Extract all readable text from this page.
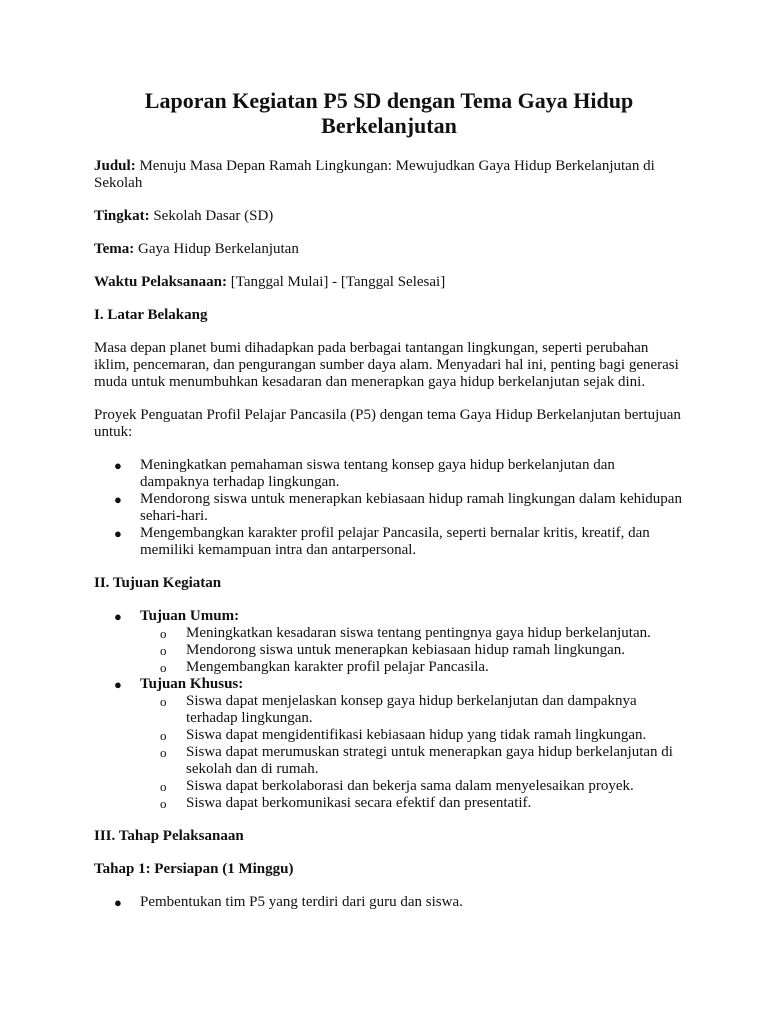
Laporan Kegiatan P5 SD dengan Tema Gaya Hidup Berkelanjutan
Judul: Menuju Masa Depan Ramah Lingkungan: Mewujudkan Gaya Hidup Berkelanjutan di Sekolah
Tingkat: Sekolah Dasar (SD)
Tema: Gaya Hidup Berkelanjutan
Waktu Pelaksanaan: [Tanggal Mulai] - [Tanggal Selesai]
I. Latar Belakang
Masa depan planet bumi dihadapkan pada berbagai tantangan lingkungan, seperti perubahan iklim, pencemaran, dan pengurangan sumber daya alam. Menyadari hal ini, penting bagi generasi muda untuk menumbuhkan kesadaran dan menerapkan gaya hidup berkelanjutan sejak dini.
Proyek Penguatan Profil Pelajar Pancasila (P5) dengan tema Gaya Hidup Berkelanjutan bertujuan untuk:
● Meningkatkan pemahaman siswa tentang konsep gaya hidup berkelanjutan dan dampaknya terhadap lingkungan.
● Mendorong siswa untuk menerapkan kebiasaan hidup ramah lingkungan dalam kehidupan sehari-hari.
● Mengembangkan karakter profil pelajar Pancasila, seperti bernalar kritis, kreatif, dan memiliki kemampuan intra dan antarpersonal.
II. Tujuan Kegiatan
● Tujuan Umum:
o Meningkatkan kesadaran siswa tentang pentingnya gaya hidup berkelanjutan.
o Mendorong siswa untuk menerapkan kebiasaan hidup ramah lingkungan.
o Mengembangkan karakter profil pelajar Pancasila.
● Tujuan Khusus:
o Siswa dapat menjelaskan konsep gaya hidup berkelanjutan dan dampaknya terhadap lingkungan.
o Siswa dapat mengidentifikasi kebiasaan hidup yang tidak ramah lingkungan.
o Siswa dapat merumuskan strategi untuk menerapkan gaya hidup berkelanjutan di sekolah dan di rumah.
o Siswa dapat berkolaborasi dan bekerja sama dalam menyelesaikan proyek.
o Siswa dapat berkomunikasi secara efektif dan presentatif.
III. Tahap Pelaksanaan
Tahap 1: Persiapan (1 Minggu)
● Pembentukan tim P5 yang terdiri dari guru dan siswa.
